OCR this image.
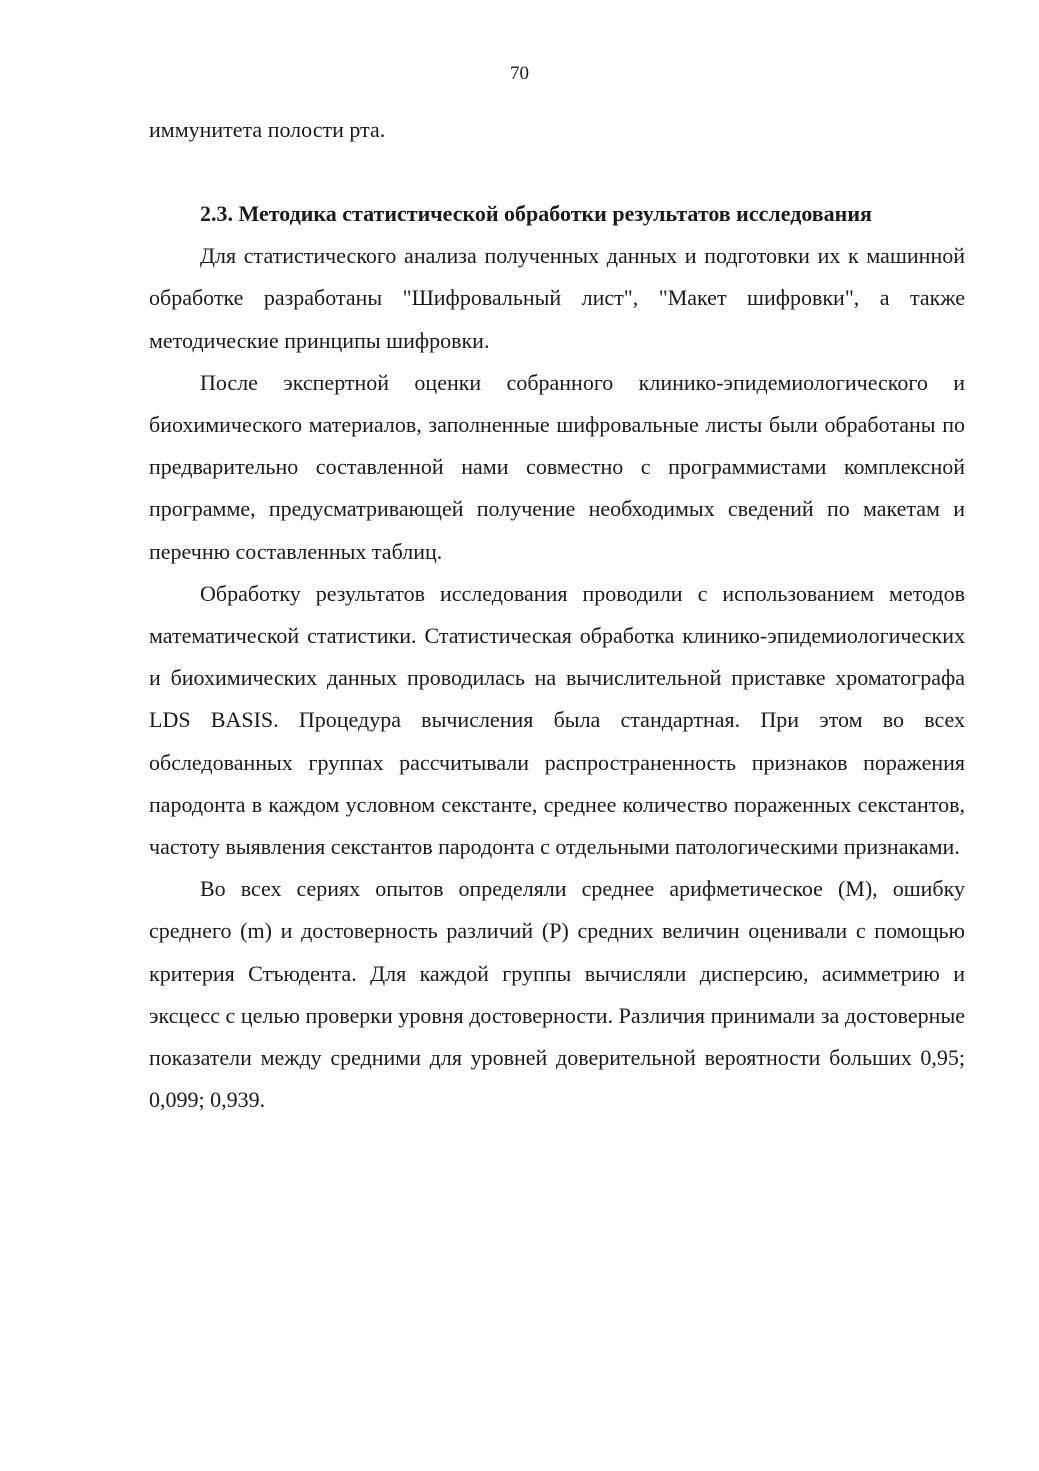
70

иммунитета полости рта.

2.3. Методика статистической обработки результатов исследования

Для статистического анализа полученных данных и подготовки их к машинной обработке разработаны "Шифровальный лист", "Макет шифровки", а также методические принципы шифровки.

После экспертной оценки собранного клинико-эпидемиологического и биохимического материалов, заполненные шифровальные листы были обработаны по предварительно составленной нами совместно с программистами комплексной программе, предусматривающей получение необходимых сведений по макетам и перечню составленных таблиц.

Обработку результатов исследования проводили с использованием методов математической статистики. Статистическая обработка клинико-эпидемиологических и биохимических данных проводилась на вычислительной приставке хроматографа LDS BASIS. Процедура вычисления была стандартная. При этом во всех обследованных группах рассчитывали распространенность признаков поражения пародонта в каждом условном секстанте, среднее количество пораженных секстантов, частоту выявления секстантов пародонта с отдельными патологическими признаками.

Во всех сериях опытов определяли среднее арифметическое (М), ошибку среднего (m) и достоверность различий (Р) средних величин оценивали с помощью критерия Стъюдента. Для каждой группы вычисляли дисперсию, асимметрию и эксцесс с целью проверки уровня достоверности. Различия принимали за достоверные показатели между средними для уровней доверительной вероятности больших 0,95; 0,099; 0,939.
